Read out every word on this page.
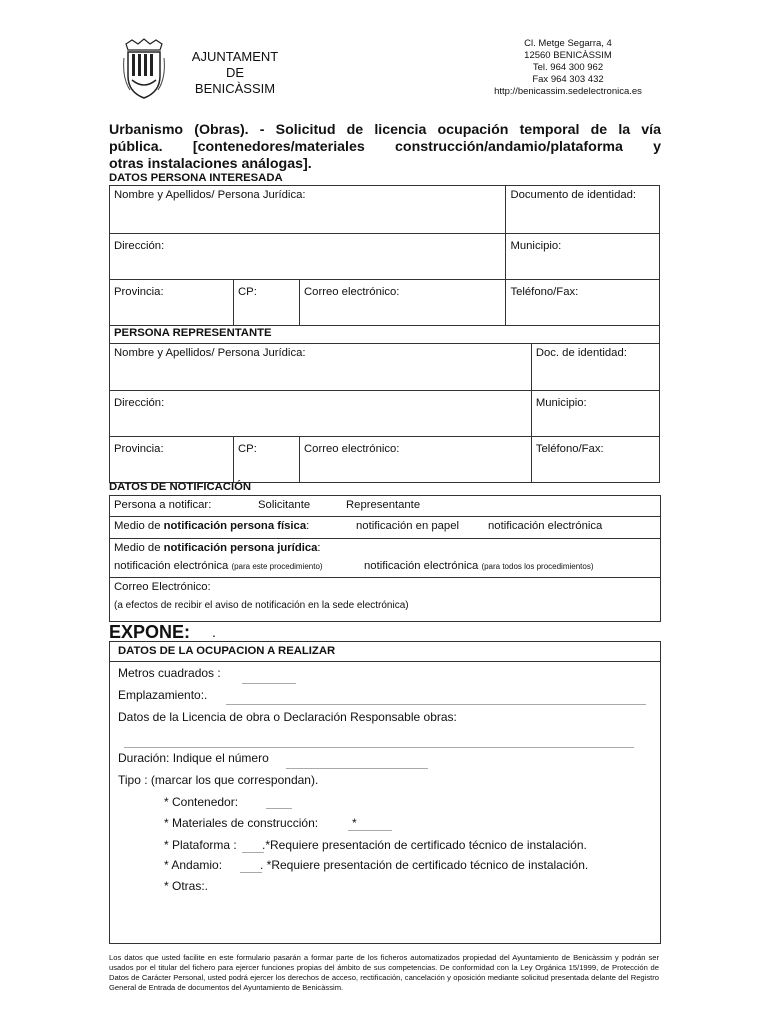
AJUNTAMENT
DE
BENICÀSSIM
Cl. Metge Segarra, 4
12560 BENICÀSSIM
Tel. 964 300 962
Fax 964 303 432
http://benicassim.sedelectronica.es
Urbanismo (Obras). - Solicitud de licencia ocupación temporal de la vía
pública. [contenedores/materiales construcción/andamio/plataforma y
otras instalaciones análogas].
DATOS PERSONA INTERESADA
Nombre y Apellidos/ Persona Jurídica:			Documento de identidad:
Dirección:			Municipio:
Provincia:	CP:	Correo electrónico:	Teléfono/Fax:
PERSONA REPRESENTANTE			
Nombre y Apellidos/ Persona Jurídica:			Doc. de identidad:
Dirección:			Municipio:
Provincia:	CP:	Correo electrónico:	Teléfono/Fax:
DATOS DE NOTIFICACIÓN
Persona a notificar:	Solicitante	Representante
Medio de notificación persona física:	notificación en papel	notificación electrónica
Medio de notificación persona jurídica:
notificación electrónica (para este procedimiento)	notificación electrónica (para todos los procedimientos)
Correo Electrónico:
(a efectos de recibir el aviso de notificación en la sede electrónica)
EXPONE: .
DATOS DE LA OCUPACION A REALIZAR
Metros cuadrados :
Emplazamiento:.
Datos de la Licencia de obra o Declaración Responsable obras:
Duración: Indique el número
Tipo : (marcar los que correspondan).
* Contenedor:
* Materiales de construcción:	*
* Plataforma : .*Requiere presentación de certificado técnico de instalación.
* Andamio:	. *Requiere presentación de certificado técnico de instalación.
* Otras:.
Los datos que usted facilite en este formulario pasarán a formar parte de los ficheros automatizados propiedad del Ayuntamiento de Benicàssim y podrán ser usados por el titular del fichero para ejercer funciones propias del ámbito de sus competencias. De conformidad con la Ley Orgánica 15/1999, de Protección de Datos de Carácter Personal, usted podrá ejercer los derechos de acceso, rectificación, cancelación y oposición mediante solicitud presentada delante del Registro General de Entrada de documentos del Ayuntamiento de Benicàssim.
